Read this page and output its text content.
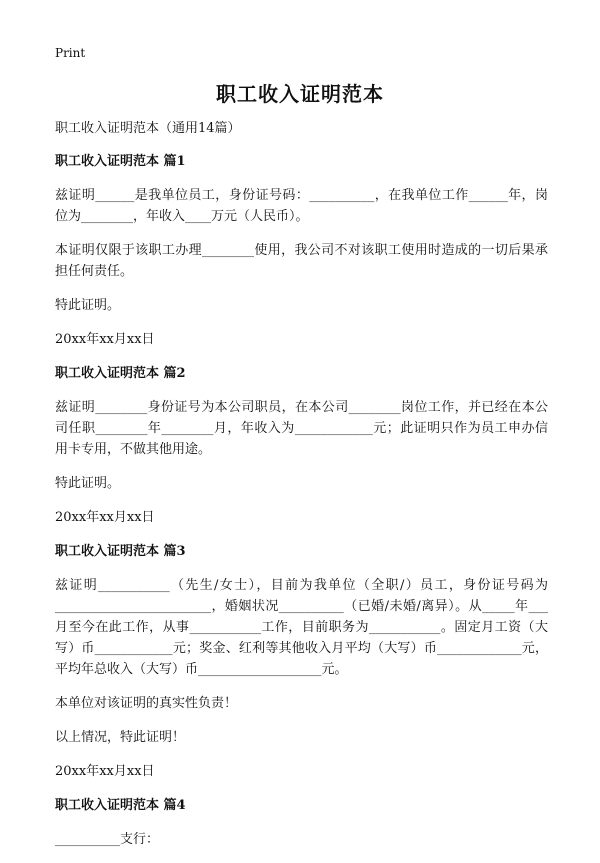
Print
职工收入证明范本

职工收入证明范本（通用14篇）

职工收入证明范本 篇1

兹证明______是我单位员工，身份证号码：__________，在我单位工作______年，岗位为________，年收入____万元（人民币）。

本证明仅限于该职工办理________使用，我公司不对该职工使用时造成的一切后果承担任何责任。

特此证明。

20xx年xx月xx日

职工收入证明范本 篇2

兹证明________身份证号为本公司职员，在本公司________岗位工作，并已经在本公司任职________年________月，年收入为____________元；此证明只作为员工申办信用卡专用，不做其他用途。

特此证明。

20xx年xx月xx日

职工收入证明范本 篇3

兹证明___________（先生/女士），目前为我单位（全职/）员工，身份证号码为________________________，婚姻状况__________（已婚/未婚/离异）。从_____年___月至今在此工作，从事___________工作，目前职务为___________。固定月工资（大写）币____________元；奖金、红利等其他收入月平均（大写）币_____________元，平均年总收入（大写）币___________________元。

本单位对该证明的真实性负责！

以上情况，特此证明！

20xx年xx月xx日

职工收入证明范本 篇4

__________支行：
